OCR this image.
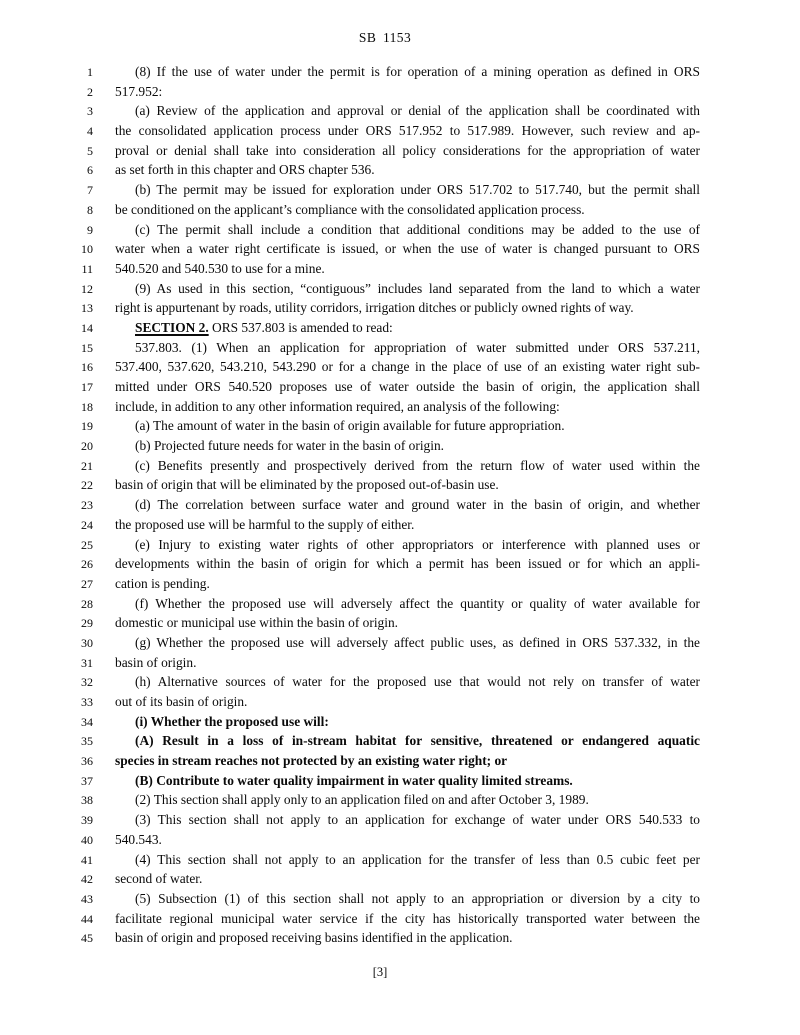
SB 1153
1	(8) If the use of water under the permit is for operation of a mining operation as defined in ORS
2 517.952:
3	(a) Review of the application and approval or denial of the application shall be coordinated with
4 the consolidated application process under ORS 517.952 to 517.989. However, such review and ap-
5 proval or denial shall take into consideration all policy considerations for the appropriation of water
6 as set forth in this chapter and ORS chapter 536.
7	(b) The permit may be issued for exploration under ORS 517.702 to 517.740, but the permit shall
8 be conditioned on the applicant’s compliance with the consolidated application process.
9	(c) The permit shall include a condition that additional conditions may be added to the use of
10 water when a water right certificate is issued, or when the use of water is changed pursuant to ORS
11 540.520 and 540.530 to use for a mine.
12	(9) As used in this section, “contiguous” includes land separated from the land to which a water
13 right is appurtenant by roads, utility corridors, irrigation ditches or publicly owned rights of way.
14	SECTION 2. ORS 537.803 is amended to read:
15	537.803. (1) When an application for appropriation of water submitted under ORS 537.211,
16 537.400, 537.620, 543.210, 543.290 or for a change in the place of use of an existing water right sub-
17 mitted under ORS 540.520 proposes use of water outside the basin of origin, the application shall
18 include, in addition to any other information required, an analysis of the following:
19	(a) The amount of water in the basin of origin available for future appropriation.
20	(b) Projected future needs for water in the basin of origin.
21	(c) Benefits presently and prospectively derived from the return flow of water used within the
22 basin of origin that will be eliminated by the proposed out-of-basin use.
23	(d) The correlation between surface water and ground water in the basin of origin, and whether
24 the proposed use will be harmful to the supply of either.
25	(e) Injury to existing water rights of other appropriators or interference with planned uses or
26 developments within the basin of origin for which a permit has been issued or for which an appli-
27 cation is pending.
28	(f) Whether the proposed use will adversely affect the quantity or quality of water available for
29 domestic or municipal use within the basin of origin.
30	(g) Whether the proposed use will adversely affect public uses, as defined in ORS 537.332, in the
31 basin of origin.
32	(h) Alternative sources of water for the proposed use that would not rely on transfer of water
33 out of its basin of origin.
34	(i) Whether the proposed use will:
35	(A) Result in a loss of in-stream habitat for sensitive, threatened or endangered aquatic
36 species in stream reaches not protected by an existing water right; or
37	(B) Contribute to water quality impairment in water quality limited streams.
38	(2) This section shall apply only to an application filed on and after October 3, 1989.
39	(3) This section shall not apply to an application for exchange of water under ORS 540.533 to
40 540.543.
41	(4) This section shall not apply to an application for the transfer of less than 0.5 cubic feet per
42 second of water.
43	(5) Subsection (1) of this section shall not apply to an appropriation or diversion by a city to
44 facilitate regional municipal water service if the city has historically transported water between the
45 basin of origin and proposed receiving basins identified in the application.
[3]
